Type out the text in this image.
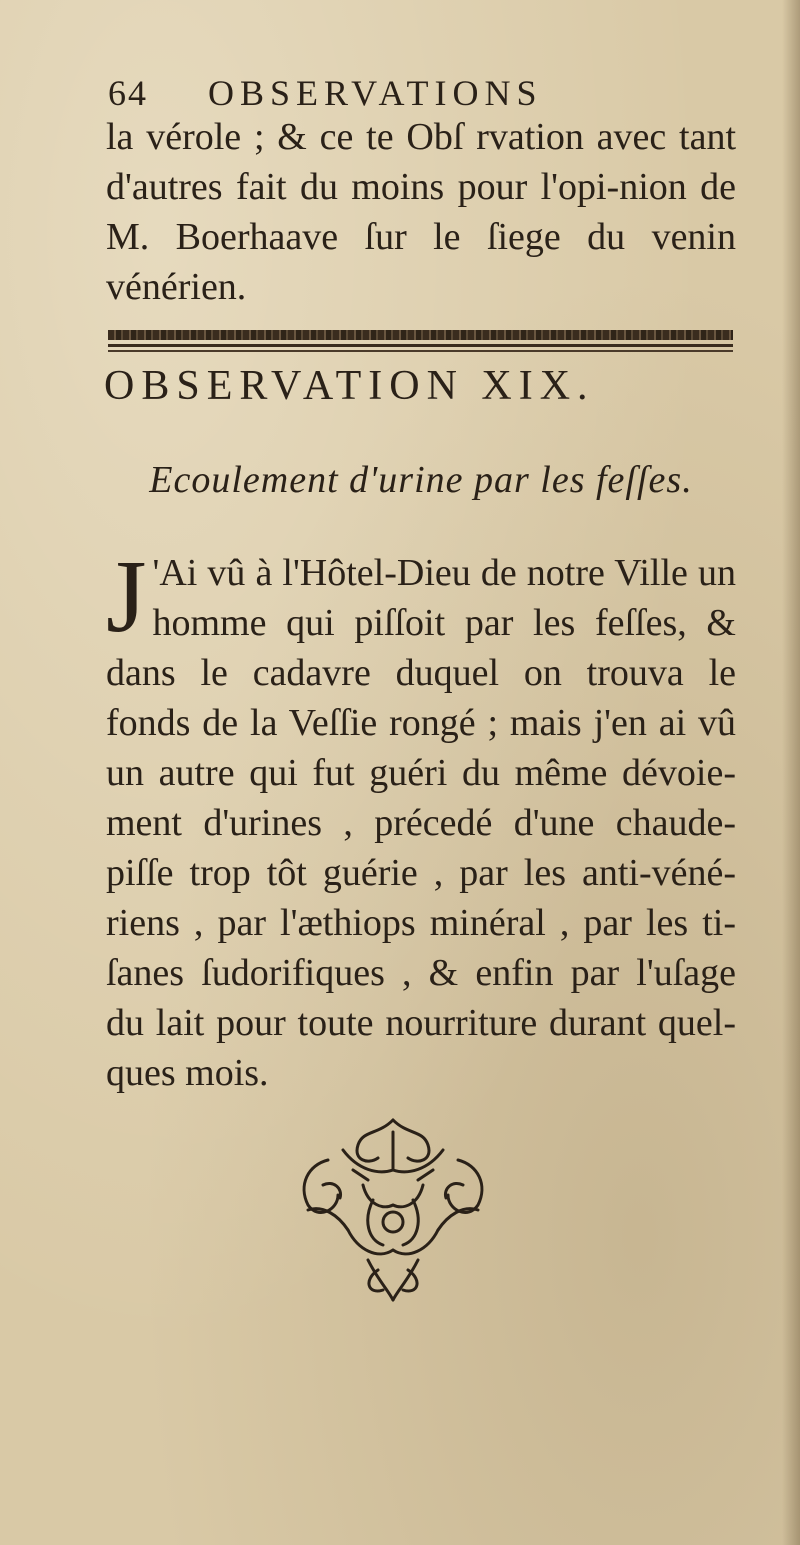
64 OBSERVATIONS
la vérole ; & ce te Obſ rvation avec tant d'autres fait du moins pour l'opi-nion de M. Boerhaave ſur le ſiege du venin vénérien.
OBSERVATION XIX.
Ecoulement d'urine par les feſſes.
J 'Ai vû à l'Hôtel-Dieu de notre Ville un homme qui piſſoit par les feſſes, & dans le cadavre duquel on trouva le fonds de la Veſſie rongé ; mais j'en ai vû un autre qui fut guéri du même dévoie-ment d'urines , précedé d'une chaude-piſſe trop tôt guérie , par les anti-véné-riens , par l'æthiops minéral , par les ti-ſanes ſudorifiques , & enfin par l'uſage du lait pour toute nourriture durant quel-ques mois.
